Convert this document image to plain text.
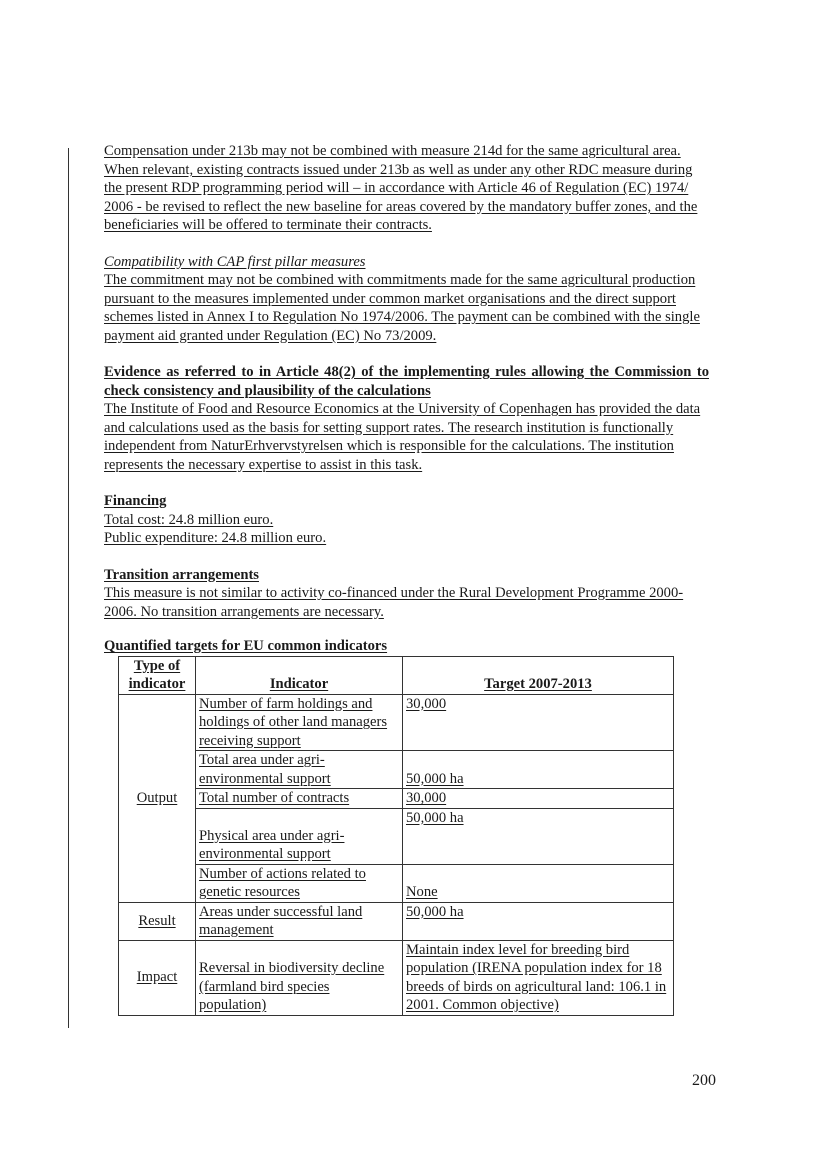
Compensation under 213b may not be combined with measure 214d for the same agricultural area. When relevant, existing contracts issued under 213b as well as under any other RDC measure during the present RDP programming period will – in accordance with Article 46 of Regulation (EC) 1974/ 2006 - be revised to reflect the new baseline for areas covered by the mandatory buffer zones, and the beneficiaries will be offered to terminate their contracts.

Compatibility with CAP first pillar measures

The commitment may not be combined with commitments made for the same agricultural production pursuant to the measures implemented under common market organisations and the direct support schemes listed in Annex I to Regulation No 1974/2006. The payment can be combined with the single payment aid granted under Regulation (EC) No 73/2009.

Evidence as referred to in Article 48(2) of the implementing rules allowing the Commission to check consistency and plausibility of the calculations

The Institute of Food and Resource Economics at the University of Copenhagen has provided the data and calculations used as the basis for setting support rates. The research institution is functionally independent from NaturErhvervstyrelsen which is responsible for the calculations. The institution represents the necessary expertise to assist in this task.

Financing

Total cost: 24.8 million euro.

Public expenditure: 24.8 million euro.

Transition arrangements

This measure is not similar to activity co-financed under the Rural Development Programme 2000-2006. No transition arrangements are necessary.

Quantified targets for EU common indicators

Type of indicator	Indicator	Target 2007-2013
Output	Number of farm holdings and holdings of other land managers receiving support	30,000
	Total area under agri-environmental support	50,000 ha
	Total number of contracts	30,000
	Physical area under agri-environmental support	50,000 ha
	Number of actions related to genetic resources	None
Result	Areas under successful land management	50,000 ha
Impact	Reversal in biodiversity decline (farmland bird species population)	Maintain index level for breeding bird population (IRENA population index for 18 breeds of birds on agricultural land: 106.1 in 2001. Common objective)
200
